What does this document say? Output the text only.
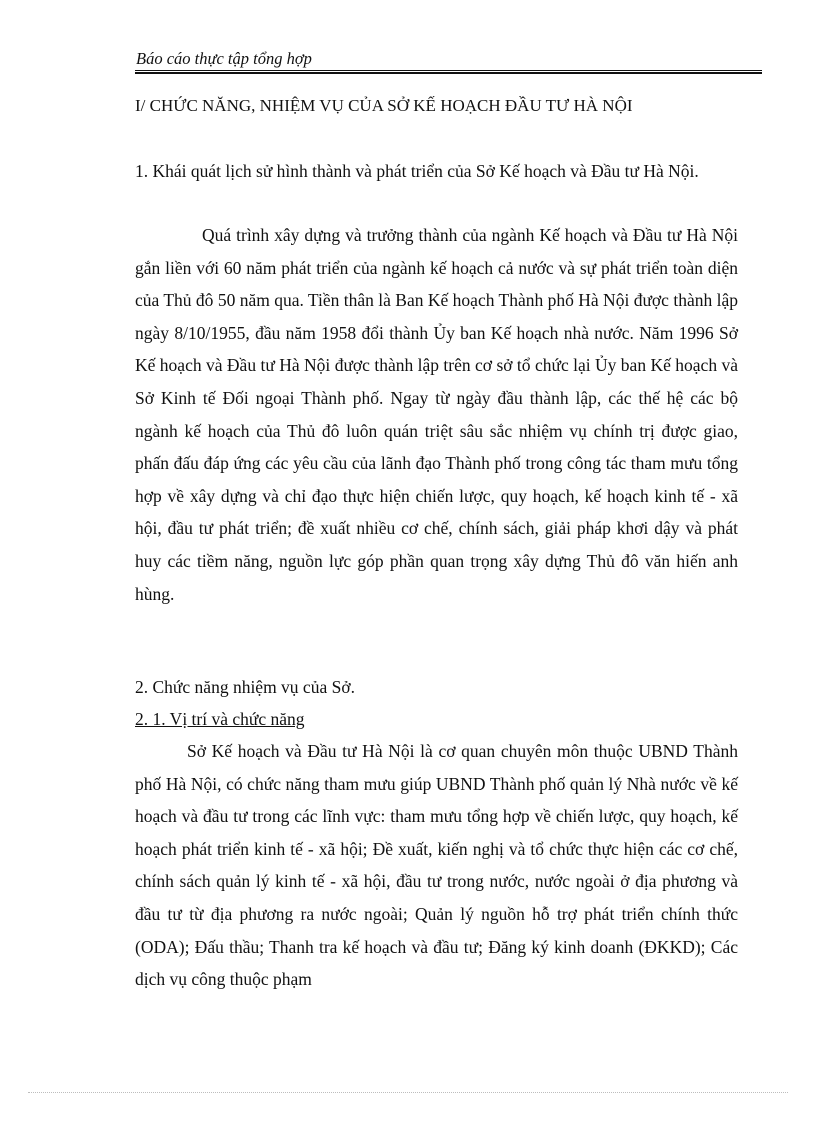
Báo cáo thực tập tổng hợp
I/ CHỨC NĂNG, NHIỆM VỤ CỦA SỞ KẾ HOẠCH ĐẦU TƯ HÀ NỘI

1. Khái quát lịch sử hình thành và phát triển của Sở Kế hoạch và Đầu tư Hà Nội.

Quá trình xây dựng và trưởng thành của ngành Kế hoạch và Đầu tư Hà Nội gắn liền với 60 năm phát triển của ngành kế hoạch cả nước và sự phát triển toàn diện của Thủ đô 50 năm qua. Tiền thân là Ban Kế hoạch Thành phố Hà Nội được thành lập ngày 8/10/1955, đầu năm 1958 đổi thành Ủy ban Kế hoạch nhà nước. Năm 1996 Sở Kế hoạch và Đầu tư Hà Nội được thành lập trên cơ sở tổ chức lại Ủy ban Kế hoạch và Sở Kinh tế Đối ngoại Thành phố. Ngay từ ngày đầu thành lập, các thế hệ các bộ ngành kế hoạch của Thủ đô luôn quán triệt sâu sắc nhiệm vụ chính trị được giao, phấn đấu đáp ứng các yêu cầu của lãnh đạo Thành phố trong công tác tham mưu tổng hợp về xây dựng và chỉ đạo thực hiện chiến lược, quy hoạch, kế hoạch kinh tế - xã hội, đầu tư phát triển; đề xuất nhiều cơ chế, chính sách, giải pháp khơi dậy và phát huy các tiềm năng, nguồn lực góp phần quan trọng xây dựng Thủ đô văn hiến anh hùng.

2. Chức năng nhiệm vụ của Sở.

2. 1. Vị trí và chức năng

Sở Kế hoạch và Đầu tư Hà Nội là cơ quan chuyên môn thuộc UBND Thành phố Hà Nội, có chức năng tham mưu giúp UBND Thành phố quản lý Nhà nước về kế hoạch và đầu tư trong các lĩnh vực: tham mưu tổng hợp về chiến lược, quy hoạch, kế hoạch phát triển kinh tế - xã hội; Đề xuất, kiến nghị và tổ chức thực hiện các cơ chế, chính sách quản lý kinh tế - xã hội, đầu tư trong nước, nước ngoài ở địa phương và đầu tư từ địa phương ra nước ngoài; Quản lý nguồn hỗ trợ phát triển chính thức (ODA); Đấu thầu; Thanh tra kế hoạch và đầu tư; Đăng ký kinh doanh (ĐKKD); Các dịch vụ công thuộc phạm
